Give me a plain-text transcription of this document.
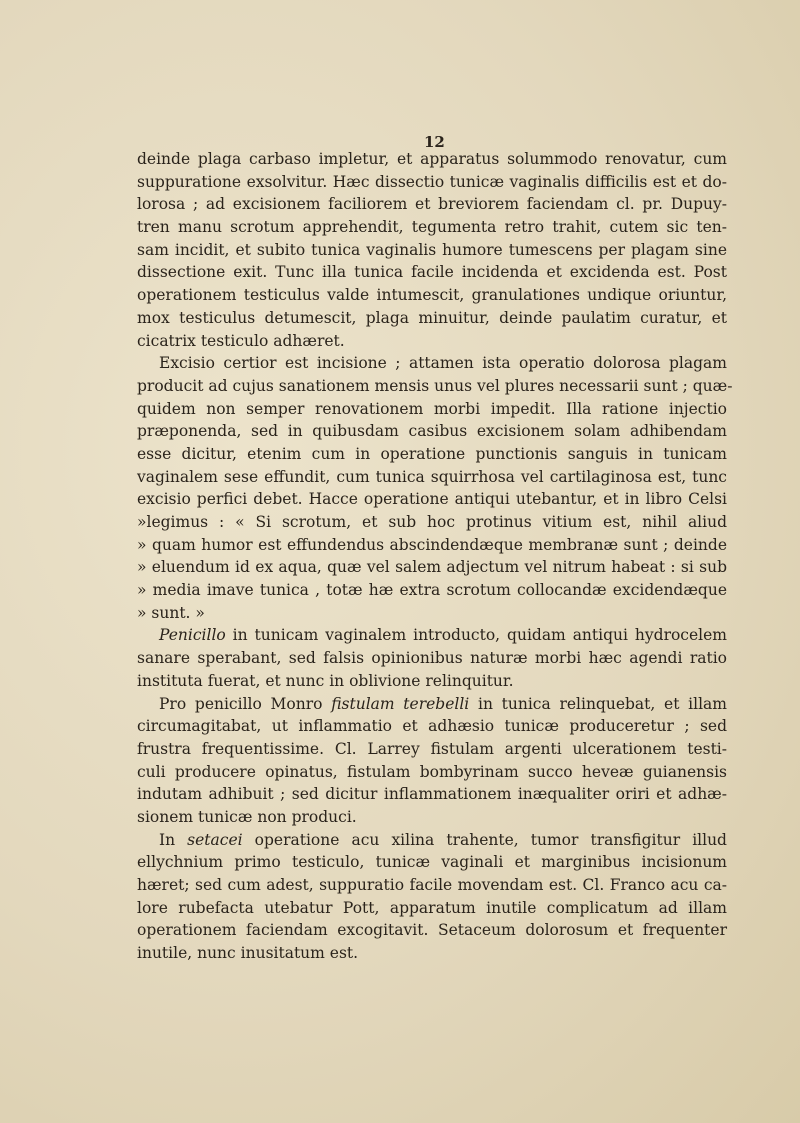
12
deinde plaga carbaso impletur, et apparatus solummodo renovatur, cum
suppuratione exsolvitur. Hæc dissectio tunicæ vaginalis difficilis est et do-
lorosa ; ad excisionem faciliorem et breviorem faciendam cl. pr. Dupuy-
tren manu scrotum apprehendit, tegumenta retro trahit, cutem sic ten-
sam incidit, et subito tunica vaginalis humore tumescens per plagam sine
dissectione exit. Tunc illa tunica facile incidenda et excidenda est. Post
operationem testiculus valde intumescit, granulationes undique oriuntur,
mox testiculus detumescit, plaga minuitur, deinde paulatim curatur, et
cicatrix testiculo adhæret.
Excisio certior est incisione ; attamen ista operatio dolorosa plagam
producit ad cujus sanationem mensis unus vel plures necessarii sunt ; quæ-
quidem non semper renovationem morbi impedit. Illa ratione injectio
præponenda, sed in quibusdam casibus excisionem solam adhibendam
esse dicitur, etenim cum in operatione punctionis sanguis in tunicam
vaginalem sese effundit, cum tunica squirrhosa vel cartilaginosa est, tunc
excisio perfici debet. Hacce operatione antiqui utebantur, et in libro Celsi
»legimus : « Si scrotum, et sub hoc protinus vitium est, nihil aliud
» quam humor est effundendus abscindendæque membranæ sunt ; deinde
» eluendum id ex aqua, quæ vel salem adjectum vel nitrum habeat : si sub
» media imave tunica , totæ hæ extra scrotum collocandæ excidendæque
» sunt. »
Penicillo in tunicam vaginalem introducto, quidam antiqui hydrocelem
sanare sperabant, sed falsis opinionibus naturæ morbi hæc agendi ratio
instituta fuerat, et nunc in oblivione relinquitur.
Pro penicillo Monro fistulam terebelli in tunica relinquebat, et illam
circumagitabat, ut inflammatio et adhæsio tunicæ produceretur ; sed
frustra frequentissime. Cl. Larrey fistulam argenti ulcerationem testi-
culi producere opinatus, fistulam bombyrinam succo heveæ guianensis
indutam adhibuit ; sed dicitur inflammationem inæqualiter oriri et adhæ-
sionem tunicæ non produci.
In setacei operatione acu xilina trahente, tumor transfigitur illud
ellychnium primo testiculo, tunicæ vaginali et marginibus incisionum
hæret; sed cum adest, suppuratio facile movendam est. Cl. Franco acu ca-
lore rubefacta utebatur Pott, apparatum inutile complicatum ad illam
operationem faciendam excogitavit. Setaceum dolorosum et frequenter
inutile, nunc inusitatum est.
